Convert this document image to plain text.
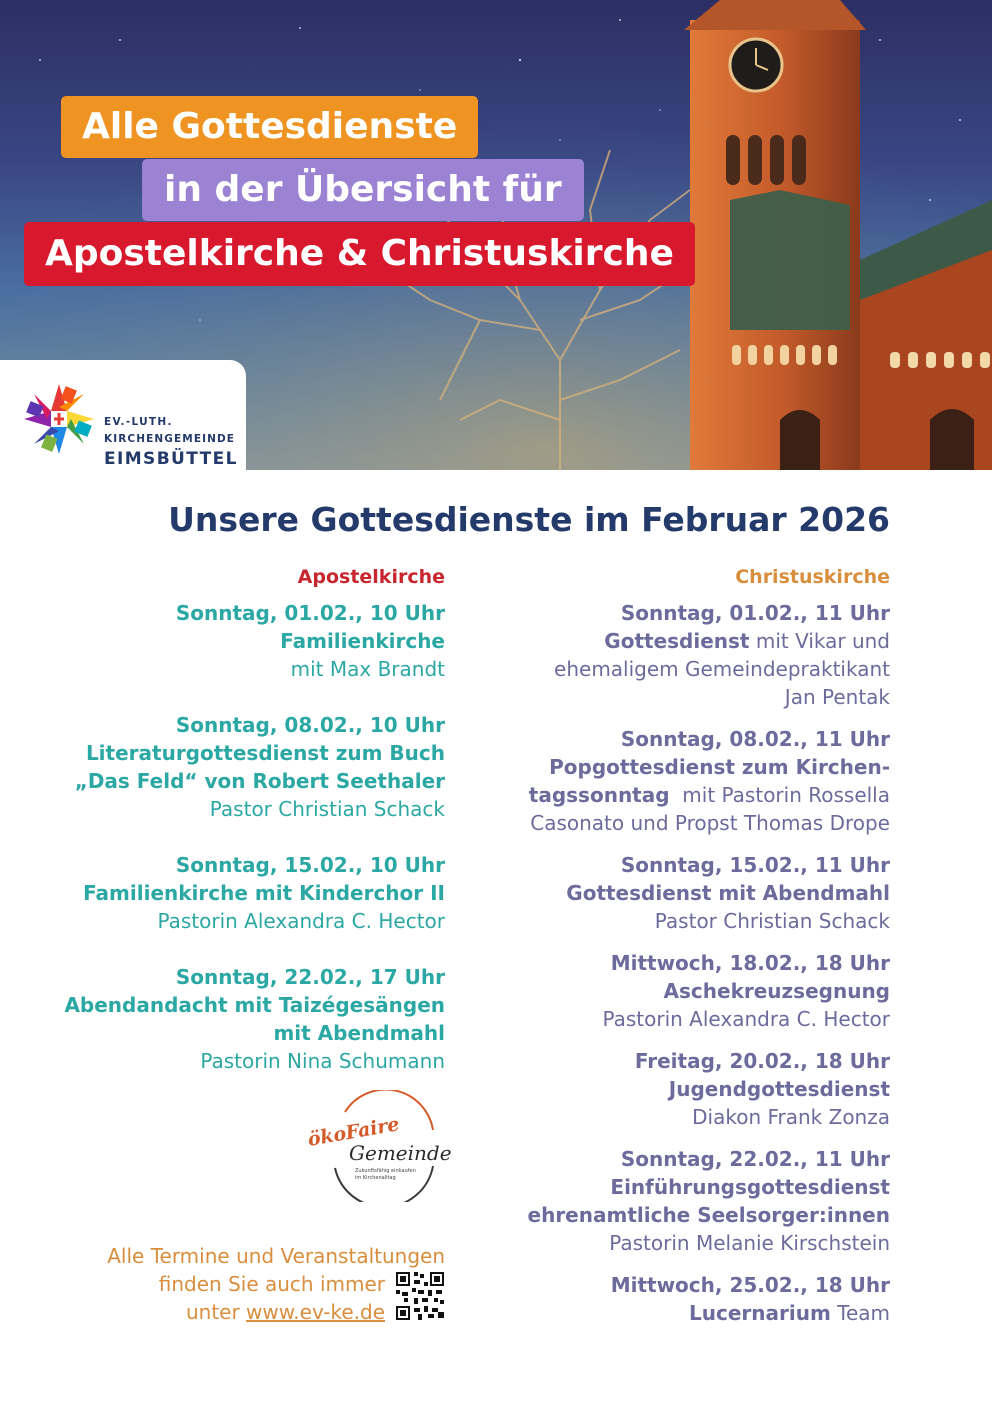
Alle Gottesdienste
in der Übersicht für
Apostelkirche & Christuskirche
EV.-LUTH.
KIRCHENGEMEINDE
EIMSBÜTTEL
Unsere Gottesdienste im Februar 2026
Apostelkirche
Sonntag, 01.02., 10 Uhr
Familienkirche
mit Max Brandt
Sonntag, 08.02., 10 Uhr
Literaturgottesdienst zum Buch
„Das Feld“ von Robert Seethaler
Pastor Christian Schack
Sonntag, 15.02., 10 Uhr
Familienkirche mit Kinderchor II
Pastorin Alexandra C. Hector
Sonntag, 22.02., 17 Uhr
Abendandacht mit Taizégesängen
mit Abendmahl
Pastorin Nina Schumann
Christuskirche
Sonntag, 01.02., 11 Uhr
Gottesdienst mit Vikar und
ehemaligem Gemeindepraktikant
Jan Pentak
Sonntag, 08.02., 11 Uhr
Popgottesdienst zum Kirchen-
tagssonntag  mit Pastorin Rossella
Casonato und Propst Thomas Drope
Sonntag, 15.02., 11 Uhr
Gottesdienst mit Abendmahl
Pastor Christian Schack
Mittwoch, 18.02., 18 Uhr
Aschekreuzsegnung
Pastorin Alexandra C. Hector
Freitag, 20.02., 18 Uhr
Jugendgottesdienst
Diakon Frank Zonza
Sonntag, 22.02., 11 Uhr
Einführungsgottesdienst
ehrenamtliche Seelsorger:innen
Pastorin Melanie Kirschstein
Mittwoch, 25.02., 18 Uhr
Lucernarium Team
ökoFaire
Gemeinde
Zukunftsfähig einkaufen
im Kirchenalltag
Alle Termine und Veranstaltungen
finden Sie auch immer
unter www.ev-ke.de
